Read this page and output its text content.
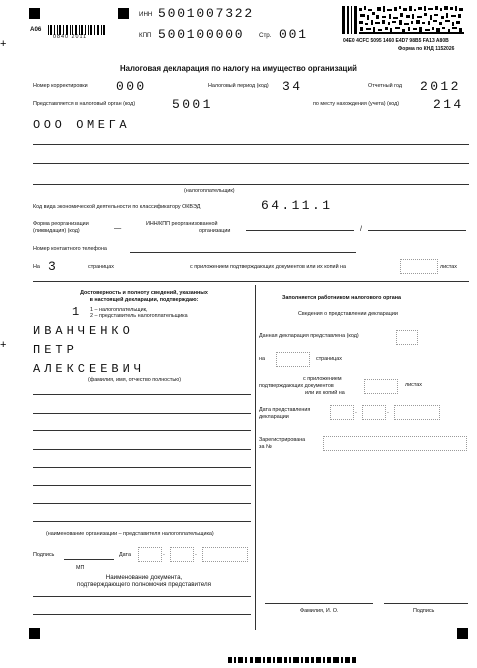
+
+
A06
0840 2011
ИНН 5001007322
КПП 500100000 Стр. 001	04E0 4CFC 5095 1460 E4D7 98B5 FA13 A80B
Форма по КНД 1152026
Налоговая декларация по налогу на имущество организаций
Номер корректировки 000	Налоговый период (код) 34	Отчетный год 2012
Представляется в налоговый орган (код)	5001	по месту нахождения (учета) (код)	214
ООО ОМЕГА
(налогоплательщик)
Код вида экономической деятельности по классификатору ОКВЭД	64.11.1
Форма реорганизации
(ликвидация) (код)	—	ИНН/КПП реорганизованной
организации	/
Номер контактного телефона
На 3	страницах	с приложением подтверждающих документов или их копий на	листах
Достоверность и полноту сведений, указанных
в настоящей декларации, подтверждаю:
1 1 – налогоплательщик,
2 – представитель налогоплательщика
ИВАНЧЕНКО
ПЕТР
АЛЕКСЕЕВИЧ
(фамилия, имя, отчество полностью)
(наименование организации – представителя налогоплательщика)
Подпись	Дата	.	.
МП
Наименование документа,
подтверждающего полномочия представителя
Заполняется работником налогового органа
Сведения о представлении декларации
Данная декларация представлена (код)
на	страницах
с приложением
подтверждающих документов
или их копий на
листах
Дата представления
декларации
.	.
Зарегистрирована
за №
Фамилия, И. О.	Подпись
